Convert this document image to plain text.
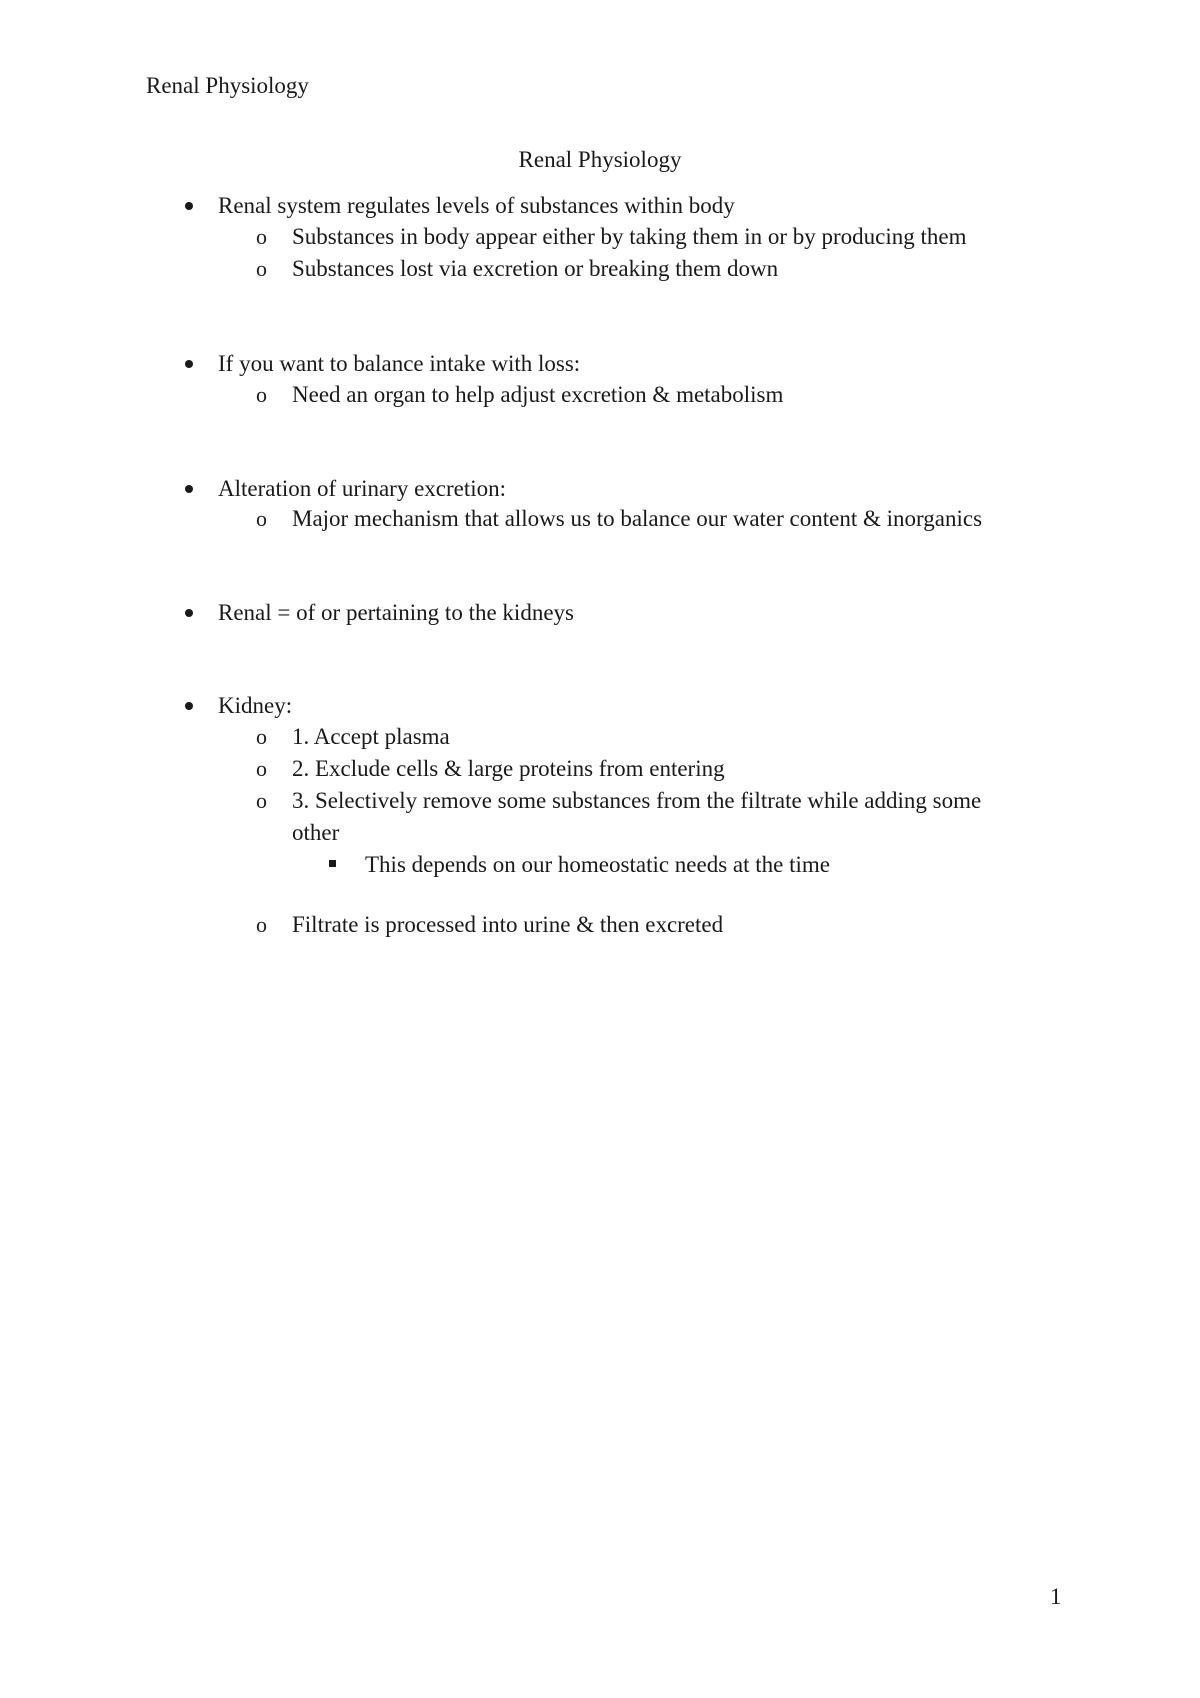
Renal Physiology
Renal Physiology
Renal system regulates levels of substances within body
o Substances in body appear either by taking them in or by producing them
o Substances lost via excretion or breaking them down
If you want to balance intake with loss:
o Need an organ to help adjust excretion & metabolism
Alteration of urinary excretion:
o Major mechanism that allows us to balance our water content & inorganics
Renal = of or pertaining to the kidneys
Kidney:
o 1. Accept plasma
o 2. Exclude cells & large proteins from entering
o 3. Selectively remove some substances from the filtrate while adding some
other
This depends on our homeostatic needs at the time
o Filtrate is processed into urine & then excreted
1
